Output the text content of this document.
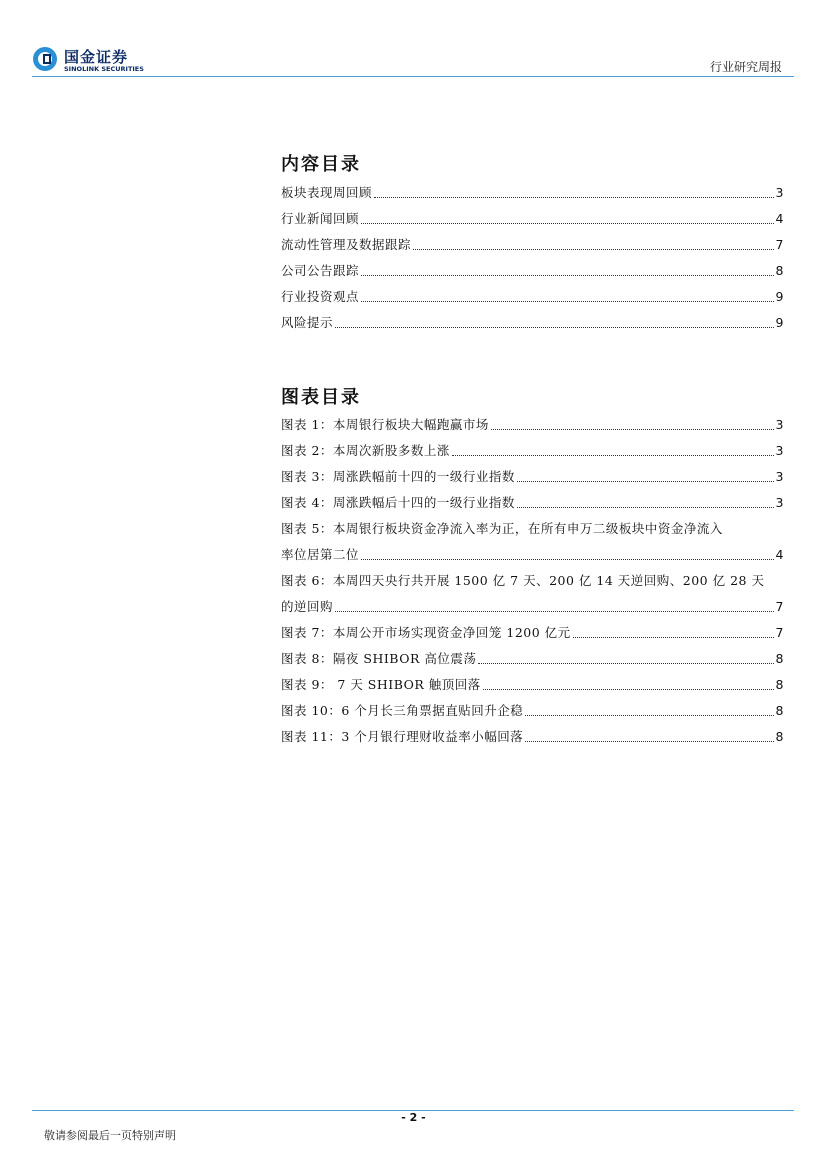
国金证券
SINOLINK SECURITIES	行业研究周报
内容目录
板块表现周回顾	3
行业新闻回顾	4
流动性管理及数据跟踪	7
公司公告跟踪	8
行业投资观点	9
风险提示	9
图表目录
图表 1：本周银行板块大幅跑赢市场	3
图表 2：本周次新股多数上涨	3
图表 3：周涨跌幅前十四的一级行业指数	3
图表 4：周涨跌幅后十四的一级行业指数	3
图表 5：本周银行板块资金净流入率为正，在所有申万二级板块中资金净流入
率位居第二位	4
图表 6：本周四天央行共开展 1500 亿 7 天、200 亿 14 天逆回购、200 亿 28 天
的逆回购	7
图表 7：本周公开市场实现资金净回笼 1200 亿元	7
图表 8：隔夜 SHIBOR 高位震荡	8
图表 9： 7 天 SHIBOR 触顶回落	8
图表 10：6 个月长三角票据直贴回升企稳	8
图表 11：3 个月银行理财收益率小幅回落	8
- 2 -
敬请参阅最后一页特别声明
